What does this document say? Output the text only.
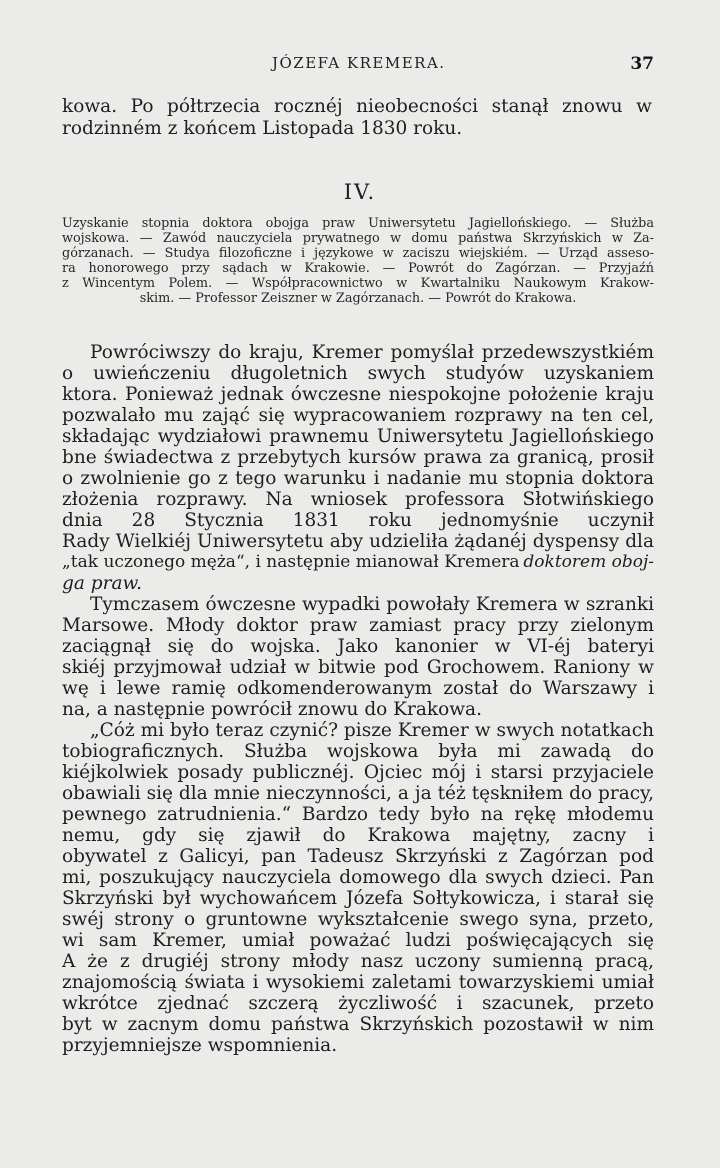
JÓZEFA KREMERA.	37
kowa. Po półtrzecia rocznéj nieobecności stanął znowu w
rodzinném z końcem Listopada 1830 roku.
IV.
Uzyskanie stopnia doktora obojga praw Uniwersytetu Jagiellońskiego. — Służba
wojskowa. — Zawód nauczyciela prywatnego w domu państwa Skrzyńskich w Za-
górzanach. — Studya filozoficzne i językowe w zaciszu wiejskiém. — Urząd asseso-
ra honorowego przy sądach w Krakowie. — Powrót do Zagórzan. — Przyjaźń
z Wincentym Polem. — Współpracownictwo w Kwartalniku Naukowym Krakow-
skim. — Professor Zeiszner w Zagórzanach. — Powrót do Krakowa.
Powróciwszy do kraju, Kremer pomyślał przedewszystkiém
o uwieńczeniu długoletnich swych studyów uzyskaniem
ktora. Ponieważ jednak ówczesne niespokojne położenie kraju
pozwalało mu zająć się wypracowaniem rozprawy na ten cel,
składając wydziałowi prawnemu Uniwersytetu Jagiellońskiego
bne świadectwa z przebytych kursów prawa za granicą, prosił
o zwolnienie go z tego warunku i nadanie mu stopnia doktora
złożenia rozprawy. Na wniosek professora Słotwińskiego
dnia 28 Stycznia 1831 roku jednomyśnie uczynił
Rady Wielkiéj Uniwersytetu aby udzieliła żądanéj dyspensy dla
„tak uczonego męża“, i następnie mianował Kremera doktorem oboj-
ga praw.
Tymczasem ówczesne wypadki powołały Kremera w szranki
Marsowe. Młody doktor praw zamiast pracy przy zielonym
zaciągnął się do wojska. Jako kanonier w VI-éj bateryi
skiéj przyjmował udział w bitwie pod Grochowem. Raniony w
wę i lewe ramię odkomenderowanym został do Warszawy i
na, a następnie powrócił znowu do Krakowa.
„Cóż mi było teraz czynić? pisze Kremer w swych notatkach
tobiograficznych. Służba wojskowa była mi zawadą do
kiéjkolwiek posady publicznéj. Ojciec mój i starsi przyjaciele
obawiali się dla mnie nieczynności, a ja téż tęskniłem do pracy,
pewnego zatrudnienia.“ Bardzo tedy było na rękę młodemu
nemu, gdy się zjawił do Krakowa majętny, zacny i
obywatel z Galicyi, pan Tadeusz Skrzyński z Zagórzan pod
mi, poszukujący nauczyciela domowego dla swych dzieci. Pan
Skrzyński był wychowańcem Józefa Sołtykowicza, i starał się
swéj strony o gruntowne wykształcenie swego syna, przeto,
wi sam Kremer, umiał poważać ludzi poświęcających się
A że z drugiéj strony młody nasz uczony sumienną pracą,
znajomością świata i wysokiemi zaletami towarzyskiemi umiał
wkrótce zjednać szczerą życzliwość i szacunek, przeto
byt w zacnym domu państwa Skrzyńskich pozostawił w nim
przyjemniejsze wspomnienia.
